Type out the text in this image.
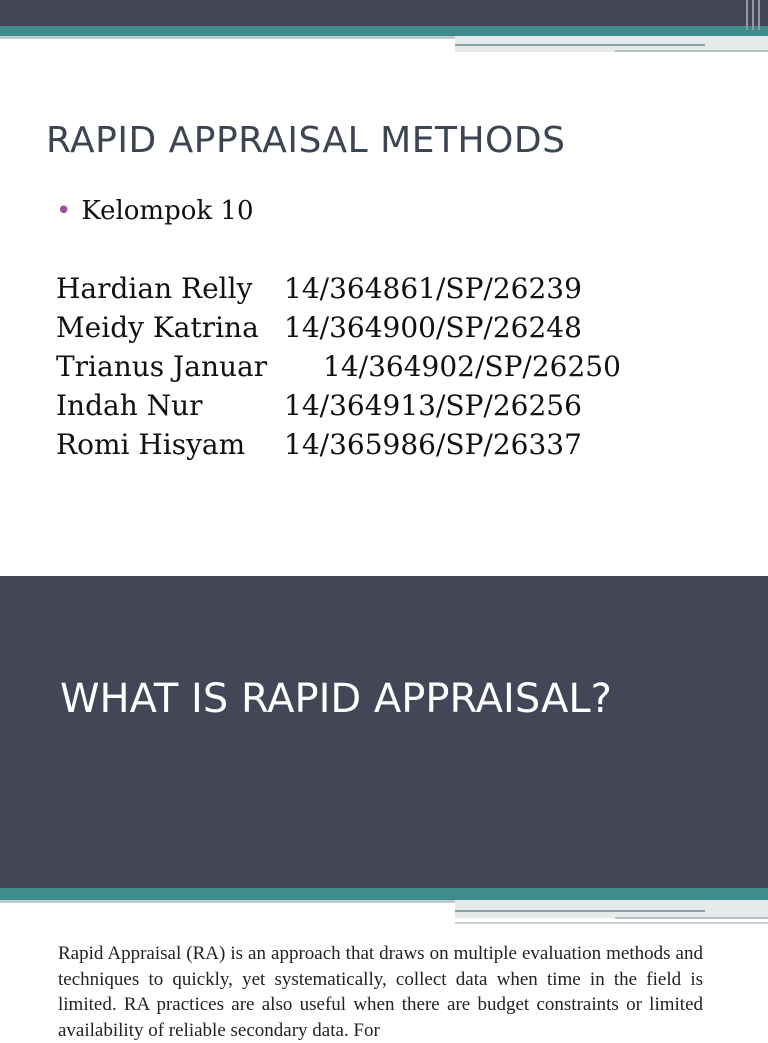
RAPID APPRAISAL METHODS
• Kelompok 10
Hardian Relly 14/364861/SP/26239
Meidy Katrina 14/364900/SP/26248
Trianus Januar 14/364902/SP/26250
Indah Nur	14/364913/SP/26256
Romi Hisyam 14/365986/SP/26337
WHAT IS RAPID APPRAISAL?

Rapid Appraisal (RA) is an approach that draws on multiple evaluation methods and techniques to quickly, yet systematically, collect data when time in the field is limited. RA practices are also useful when there are budget constraints or limited availability of reliable secondary data. For
